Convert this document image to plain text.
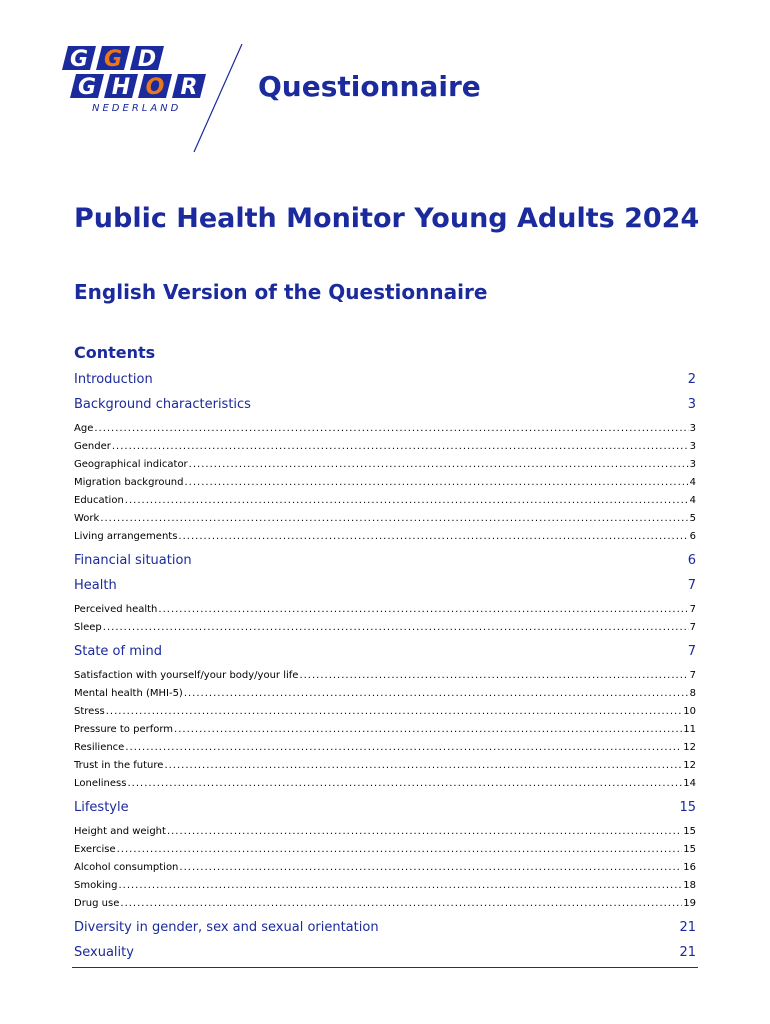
G G D
G H O R
NEDERLAND
Questionnaire
Public Health Monitor Young Adults 2024
English Version of the Questionnaire
Contents
Introduction	2
Background characteristics	3
Age .....	3
Gender .....	3
Geographical indicator .....	3
Migration background .....	4
Education .....	4
Work .....	5
Living arrangements .....	6
Financial situation	6
Health	7
Perceived health .....	7
Sleep .....	7
State of mind	7
Satisfaction with yourself/your body/your life .....	7
Mental health (MHI-5) .....	8
Stress .....	10
Pressure to perform .....	11
Resilience .....	12
Trust in the future .....	12
Loneliness .....	14
Lifestyle	15
Height and weight .....	15
Exercise .....	15
Alcohol consumption .....	16
Smoking .....	18
Drug use .....	19
Diversity in gender, sex and sexual orientation	21
Sexuality	21
